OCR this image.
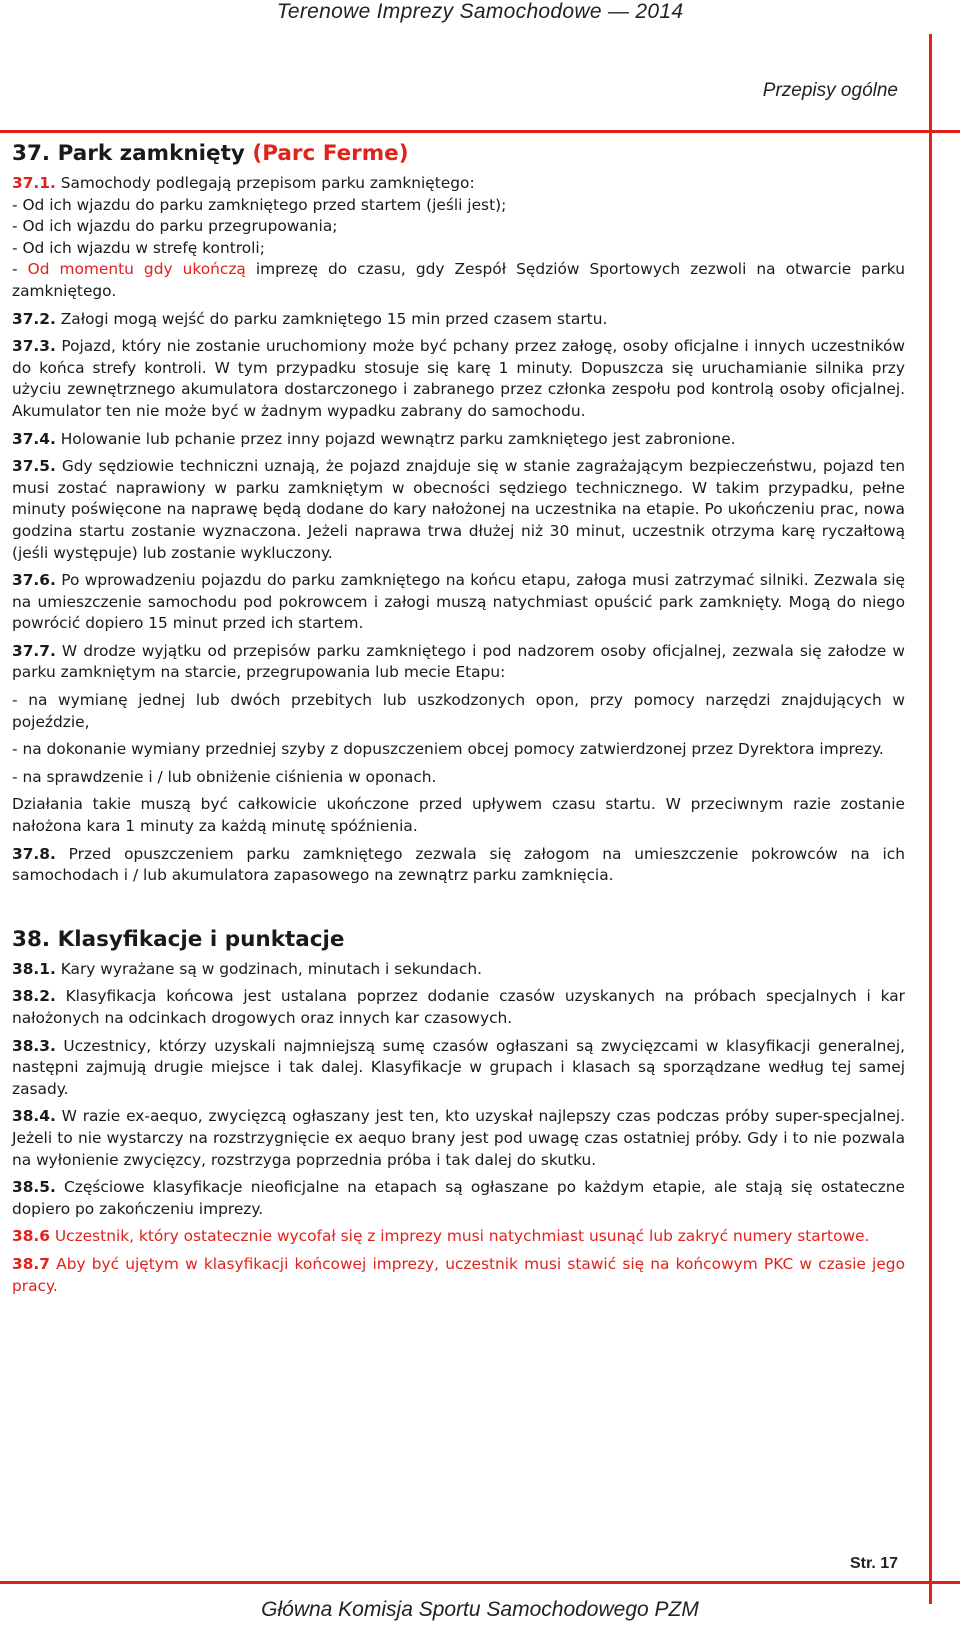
Terenowe Imprezy Samochodowe — 2014
Przepisy ogólne
37. Park zamknięty (Parc Ferme)

37.1. Samochody podlegają przepisom parku zamkniętego:

- Od ich wjazdu do parku zamkniętego przed startem (jeśli jest);

- Od ich wjazdu do parku przegrupowania;

- Od ich wjazdu w strefę kontroli;

- Od momentu gdy ukończą imprezę do czasu, gdy Zespół Sędziów Sportowych zezwoli na otwarcie parku zamkniętego.

37.2. Załogi mogą wejść do parku zamkniętego 15 min przed czasem startu.

37.3. Pojazd, który nie zostanie uruchomiony może być pchany przez załogę, osoby oficjalne i innych uczestników do końca strefy kontroli. W tym przypadku stosuje się karę 1 minuty. Dopuszcza się uruchamianie silnika przy użyciu zewnętrznego akumulatora dostarczonego i zabranego przez członka zespołu pod kontrolą osoby oficjalnej. Akumulator ten nie może być w żadnym wypadku zabrany do samochodu.

37.4. Holowanie lub pchanie przez inny pojazd wewnątrz parku zamkniętego jest zabronione.

37.5. Gdy sędziowie techniczni uznają, że pojazd znajduje się w stanie zagrażającym bezpieczeństwu, pojazd ten musi zostać naprawiony w parku zamkniętym w obecności sędziego technicznego. W takim przypadku, pełne minuty poświęcone na naprawę będą dodane do kary nałożonej na uczestnika na etapie. Po ukończeniu prac, nowa godzina startu zostanie wyznaczona. Jeżeli naprawa trwa dłużej niż 30 minut, uczestnik otrzyma karę ryczałtową (jeśli występuje) lub zostanie wykluczony.

37.6. Po wprowadzeniu pojazdu do parku zamkniętego na końcu etapu, załoga musi zatrzymać silniki. Zezwala się na umieszczenie samochodu pod pokrowcem i załogi muszą natychmiast opuścić park zamknięty. Mogą do niego powrócić dopiero 15 minut przed ich startem.

37.7. W drodze wyjątku od przepisów parku zamkniętego i pod nadzorem osoby oficjalnej, zezwala się załodze w parku zamkniętym na starcie, przegrupowania lub mecie Etapu:

- na wymianę jednej lub dwóch przebitych lub uszkodzonych opon, przy pomocy narzędzi znajdujących w pojeździe,

- na dokonanie wymiany przedniej szyby z dopuszczeniem obcej pomocy zatwierdzonej przez Dyrektora imprezy.

- na sprawdzenie i / lub obniżenie ciśnienia w oponach.

Działania takie muszą być całkowicie ukończone przed upływem czasu startu. W przeciwnym razie zostanie nałożona kara 1 minuty za każdą minutę spóźnienia.

37.8. Przed opuszczeniem parku zamkniętego zezwala się załogom na umieszczenie pokrowców na ich samochodach i / lub akumulatora zapasowego na zewnątrz parku zamknięcia.

38. Klasyfikacje i punktacje

38.1. Kary wyrażane są w godzinach, minutach i sekundach.

38.2. Klasyfikacja końcowa jest ustalana poprzez dodanie czasów uzyskanych na próbach specjalnych i kar nałożonych na odcinkach drogowych oraz innych kar czasowych.

38.3. Uczestnicy, którzy uzyskali najmniejszą sumę czasów ogłaszani są zwycięzcami w klasyfikacji generalnej, następni zajmują drugie miejsce i tak dalej. Klasyfikacje w grupach i klasach są sporządzane według tej samej zasady.

38.4. W razie ex-aequo, zwycięzcą ogłaszany jest ten, kto uzyskał najlepszy czas podczas próby super-specjalnej. Jeżeli to nie wystarczy na rozstrzygnięcie ex aequo brany jest pod uwagę czas ostatniej próby. Gdy i to nie pozwala na wyłonienie zwycięzcy, rozstrzyga poprzednia próba i tak dalej do skutku.

38.5. Częściowe klasyfikacje nieoficjalne na etapach są ogłaszane po każdym etapie, ale stają się ostateczne dopiero po zakończeniu imprezy.

38.6 Uczestnik, który ostatecznie wycofał się z imprezy musi natychmiast usunąć lub zakryć numery startowe.

38.7 Aby być ujętym w klasyfikacji końcowej imprezy, uczestnik musi stawić się na końcowym PKC w czasie jego pracy.

Str. 17
Główna Komisja Sportu Samochodowego PZM
